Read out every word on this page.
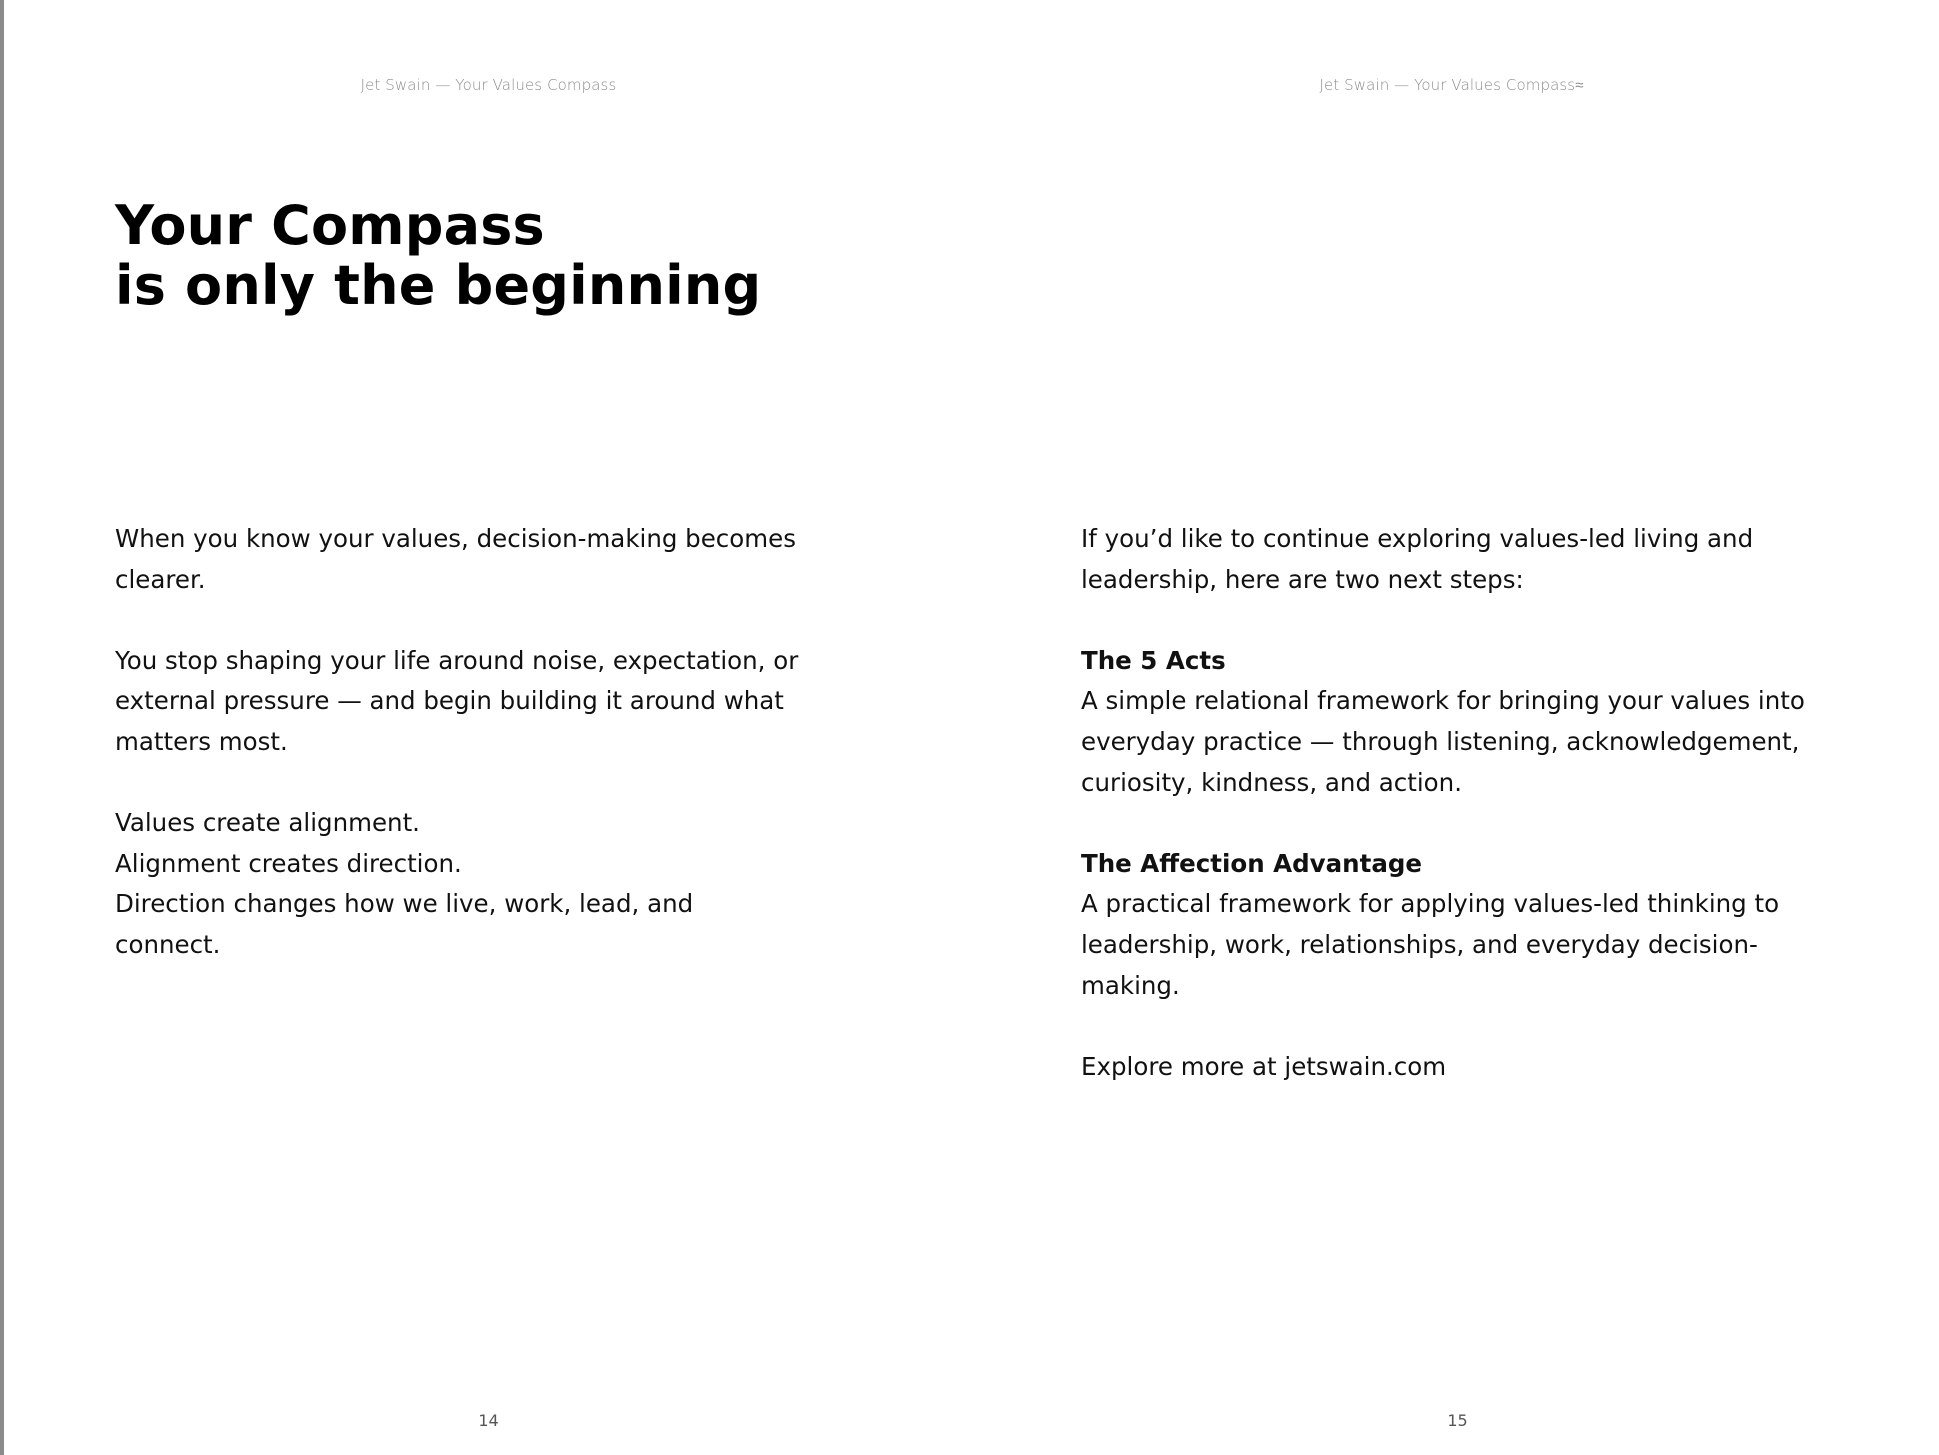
Jet Swain — Your Values Compass
Your Compass
is only the beginning
14

When you know your values, decision-making becomes clearer.

You stop shaping your life around noise, expectation, or external pressure — and begin building it around what matters most.

Values create alignment.
Alignment creates direction.
Direction changes how we live, work, lead, and connect.

Jet Swain — Your Values Compass≈
15

If you’d like to continue exploring values-led living and leadership, here are two next steps:

The 5 Acts
A simple relational framework for bringing your values into everyday practice — through listening, acknowledgement, curiosity, kindness, and action.

The Affection Advantage
A practical framework for applying values-led thinking to leadership, work, relationships, and everyday decision-making.

Explore more at jetswain.com
